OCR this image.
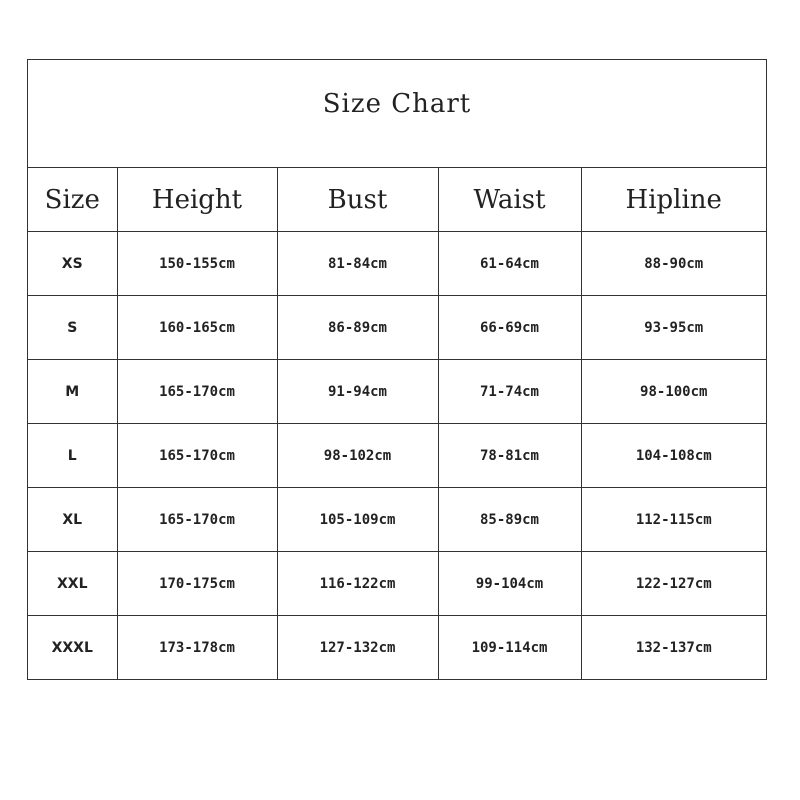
Size Chart
Size	Height	Bust	Waist	Hipline
XS	150-155cm	81-84cm	61-64cm	88-90cm
S	160-165cm	86-89cm	66-69cm	93-95cm
M	165-170cm	91-94cm	71-74cm	98-100cm
L	165-170cm	98-102cm	78-81cm	104-108cm
XL	165-170cm	105-109cm	85-89cm	112-115cm
XXL	170-175cm	116-122cm	99-104cm	122-127cm
XXXL	173-178cm	127-132cm	109-114cm	132-137cm
